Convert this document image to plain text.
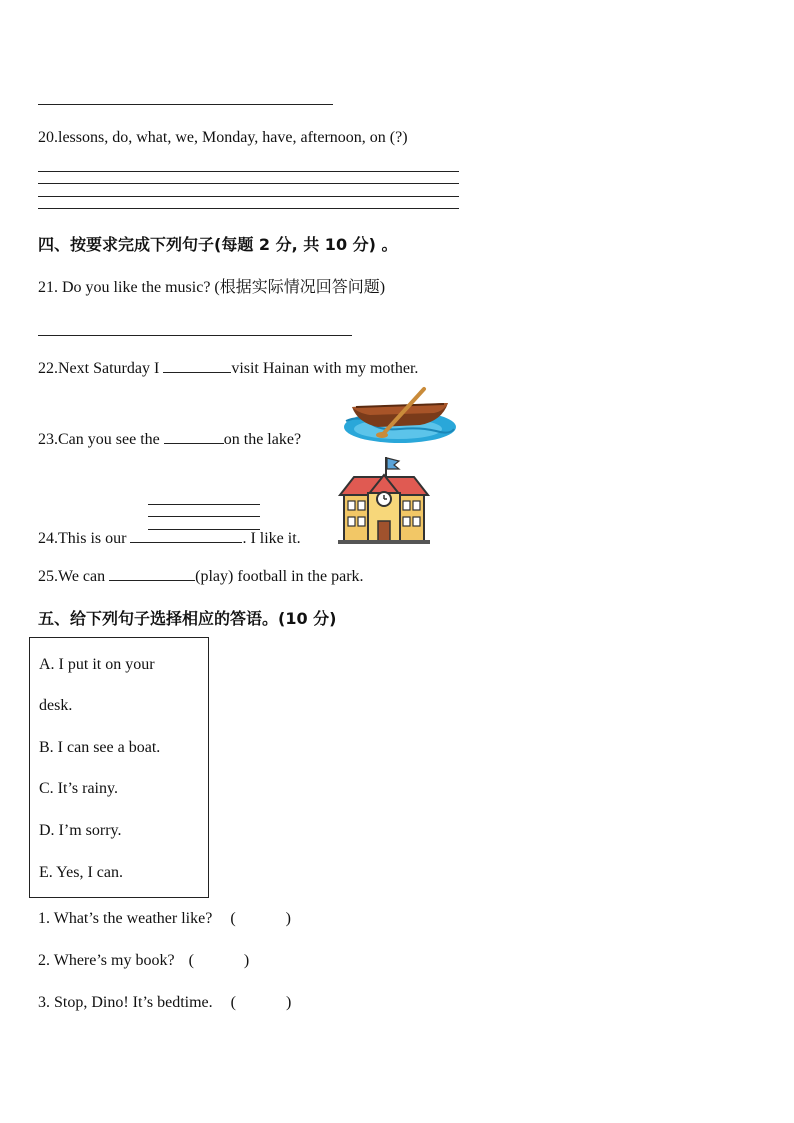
20.lessons, do, what, we, Monday, have, afternoon, on (?)
四、按要求完成下列句子(每题 2 分, 共 10 分) 。
21. Do you like the music? (根据实际情况回答问题)
22.Next Saturday I	visit Hainan with my mother.
23.Can you see the	on the lake?
24.This is our	. I like it.
25.We can	(play) football in the park.
五、给下列句子选择相应的答语。(10 分)
A. I put it on your
desk.
B. I can see a boat.
C. It’s rainy.
D. I’m sorry.
E. Yes, I can.
1. What’s the weather like? (	)
2. Where’s my book? (	)
3. Stop, Dino! It’s bedtime. (	)
